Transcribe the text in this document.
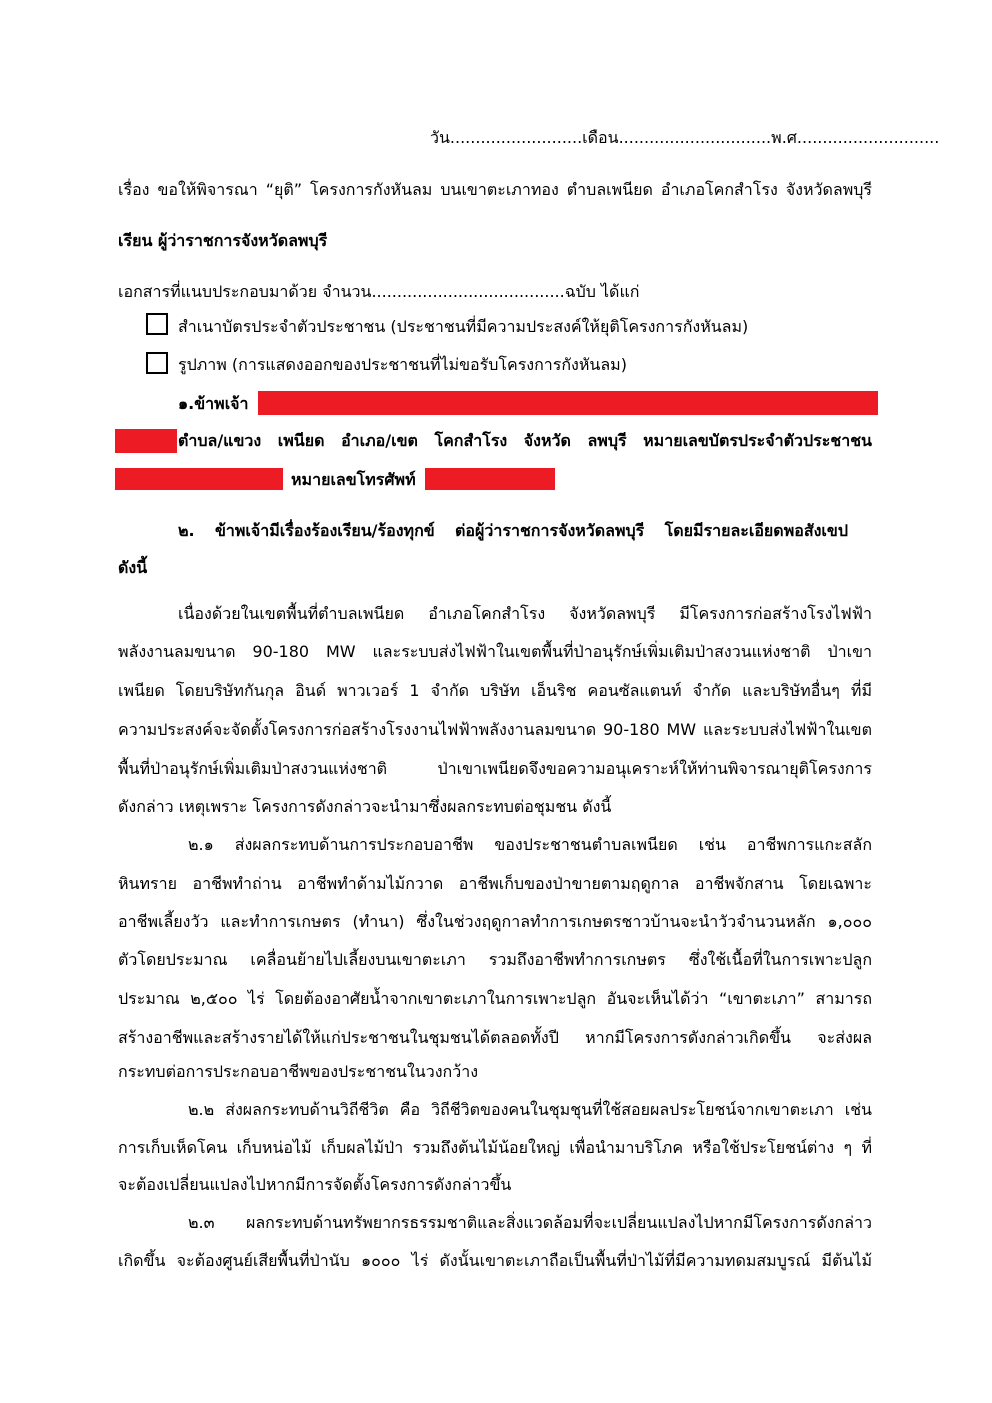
วัน..........................เดือน..............................พ.ศ............................
เรื่อง ขอให้พิจารณา “ยุติ” โครงการกังหันลม บนเขาตะเภาทอง ตำบลเพนียด อำเภอโคกสำโรง จังหวัดลพบุรี
เรียน ผู้ว่าราชการจังหวัดลพบุรี
เอกสารที่แนบประกอบมาด้วย จำนวน......................................ฉบับ ได้แก่
สำเนาบัตรประจำตัวประชาชน (ประชาชนที่มีความประสงค์ให้ยุติโครงการกังหันลม)
รูปภาพ (การแสดงออกของประชาชนที่ไม่ขอรับโครงการกังหันลม)
๑.ข้าพเจ้า
ตำบล/แขวง เพนียด อำเภอ/เขต โคกสำโรง จังหวัด ลพบุรี หมายเลขบัตรประจำตัวประชาชน
หมายเลขโทรศัพท์
๒. ข้าพเจ้ามีเรื่องร้องเรียน/ร้องทุกข์ ต่อผู้ว่าราชการจังหวัดลพบุรี โดยมีรายละเอียดพอสังเขป
ดังนี้
เนื่องด้วยในเขตพื้นที่ตำบลเพนียด อำเภอโคกสำโรง จังหวัดลพบุรี มีโครงการก่อสร้างโรงไฟฟ้า
พลังงานลมขนาด 90-180 MW และระบบส่งไฟฟ้าในเขตพื้นที่ป่าอนุรักษ์เพิ่มเติมป่าสงวนแห่งชาติ ป่าเขา
เพนียด โดยบริษัทกันกุล อินด์ พาวเวอร์ 1 จำกัด บริษัท เอ็นริช คอนซัลแตนท์ จำกัด และบริษัทอื่นๆ ที่มี
ความประสงค์จะจัดตั้งโครงการก่อสร้างโรงงานไฟฟ้าพลังงานลมขนาด 90-180 MW และระบบส่งไฟฟ้าในเขต
พื้นที่ป่าอนุรักษ์เพิ่มเติมป่าสงวนแห่งชาติ ป่าเขาเพนียดจึงขอความอนุเคราะห์ให้ท่านพิจารณายุติโครงการ
ดังกล่าว เหตุเพราะ โครงการดังกล่าวจะนำมาซึ่งผลกระทบต่อชุมชน ดังนี้
๒.๑ ส่งผลกระทบด้านการประกอบอาชีพ ของประชาชนตำบลเพนียด เช่น อาชีพการแกะสลัก
หินทราย อาชีพทำถ่าน อาชีพทำด้ามไม้กวาด อาชีพเก็บของป่าขายตามฤดูกาล อาชีพจักสาน โดยเฉพาะ
อาชีพเลี้ยงวัว และทำการเกษตร (ทำนา) ซึ่งในช่วงฤดูกาลทำการเกษตรชาวบ้านจะนำวัวจำนวนหลัก ๑,๐๐๐
ตัวโดยประมาณ เคลื่อนย้ายไปเลี้ยงบนเขาตะเภา รวมถึงอาชีพทำการเกษตร ซึ่งใช้เนื้อที่ในการเพาะปลูก
ประมาณ ๒,๕๐๐ ไร่ โดยต้องอาศัยน้ำจากเขาตะเภาในการเพาะปลูก อันจะเห็นได้ว่า “เขาตะเภา” สามารถ
สร้างอาชีพและสร้างรายได้ให้แก่ประชาชนในชุมชนได้ตลอดทั้งปี หากมีโครงการดังกล่าวเกิดขึ้น จะส่งผล
กระทบต่อการประกอบอาชีพของประชาชนในวงกว้าง
๒.๒ ส่งผลกระทบด้านวิถีชีวิต คือ วิถีชีวิตของคนในชุมชุนที่ใช้สอยผลประโยชน์จากเขาตะเภา เช่น
การเก็บเห็ดโคน เก็บหน่อไม้ เก็บผลไม้ป่า รวมถึงต้นไม้น้อยใหญ่ เพื่อนำมาบริโภค หรือใช้ประโยชน์ต่าง ๆ ที่
จะต้องเปลี่ยนแปลงไปหากมีการจัดตั้งโครงการดังกล่าวขึ้น
๒.๓ ผลกระทบด้านทรัพยากรธรรมชาติและสิ่งแวดล้อมที่จะเปลี่ยนแปลงไปหากมีโครงการดังกล่าว
เกิดขึ้น จะต้องศูนย์เสียพื้นที่ป่านับ ๑๐๐๐ ไร่ ดังนั้นเขาตะเภาถือเป็นพื้นที่ป่าไม้ที่มีความทดมสมบูรณ์ มีต้นไม้
